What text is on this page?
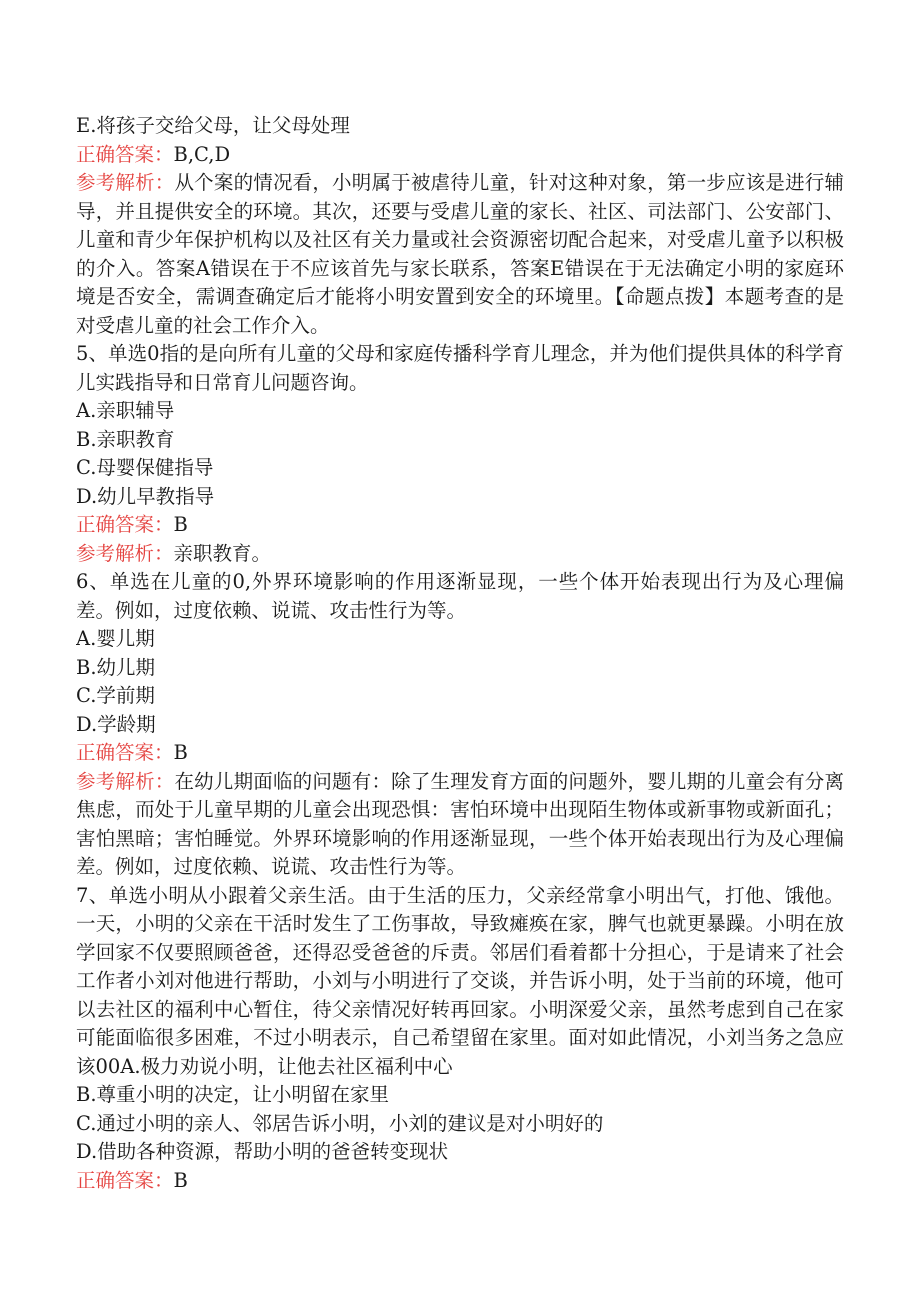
E.将孩子交给父母，让父母处理
正确答案：B,C,D
参考解析：从个案的情况看，小明属于被虐待儿童，针对这种对象，第一步应该是进行辅导，并且提供安全的环境。其次，还要与受虐儿童的家长、社区、司法部门、公安部门、儿童和青少年保护机构以及社区有关力量或社会资源密切配合起来，对受虐儿童予以积极的介入。答案A错误在于不应该首先与家长联系，答案E错误在于无法确定小明的家庭环境是否安全，需调查确定后才能将小明安置到安全的环境里。【命题点拨】本题考查的是对受虐儿童的社会工作介入。
5、单选0指的是向所有儿童的父母和家庭传播科学育儿理念，并为他们提供具体的科学育儿实践指导和日常育儿问题咨询。
A.亲职辅导
B.亲职教育
C.母婴保健指导
D.幼儿早教指导
正确答案：B
参考解析：亲职教育。
6、单选在儿童的0,外界环境影响的作用逐渐显现，一些个体开始表现出行为及心理偏差。例如，过度依赖、说谎、攻击性行为等。
A.婴儿期
B.幼儿期
C.学前期
D.学龄期
正确答案：B
参考解析：在幼儿期面临的问题有：除了生理发育方面的问题外，婴儿期的儿童会有分离焦虑，而处于儿童早期的儿童会出现恐惧：害怕环境中出现陌生物体或新事物或新面孔；害怕黑暗；害怕睡觉。外界环境影响的作用逐渐显现，一些个体开始表现出行为及心理偏差。例如，过度依赖、说谎、攻击性行为等。
7、单选小明从小跟着父亲生活。由于生活的压力，父亲经常拿小明出气，打他、饿他。一天，小明的父亲在干活时发生了工伤事故，导致瘫痪在家，脾气也就更暴躁。小明在放学回家不仅要照顾爸爸，还得忍受爸爸的斥责。邻居们看着都十分担心，于是请来了社会工作者小刘对他进行帮助，小刘与小明进行了交谈，并告诉小明，处于当前的环境，他可以去社区的福利中心暂住，待父亲情况好转再回家。小明深爱父亲，虽然考虑到自己在家可能面临很多困难，不过小明表示，自己希望留在家里。面对如此情况，小刘当务之急应该00A.极力劝说小明，让他去社区福利中心
B.尊重小明的决定，让小明留在家里
C.通过小明的亲人、邻居告诉小明，小刘的建议是对小明好的
D.借助各种资源，帮助小明的爸爸转变现状
正确答案：B
